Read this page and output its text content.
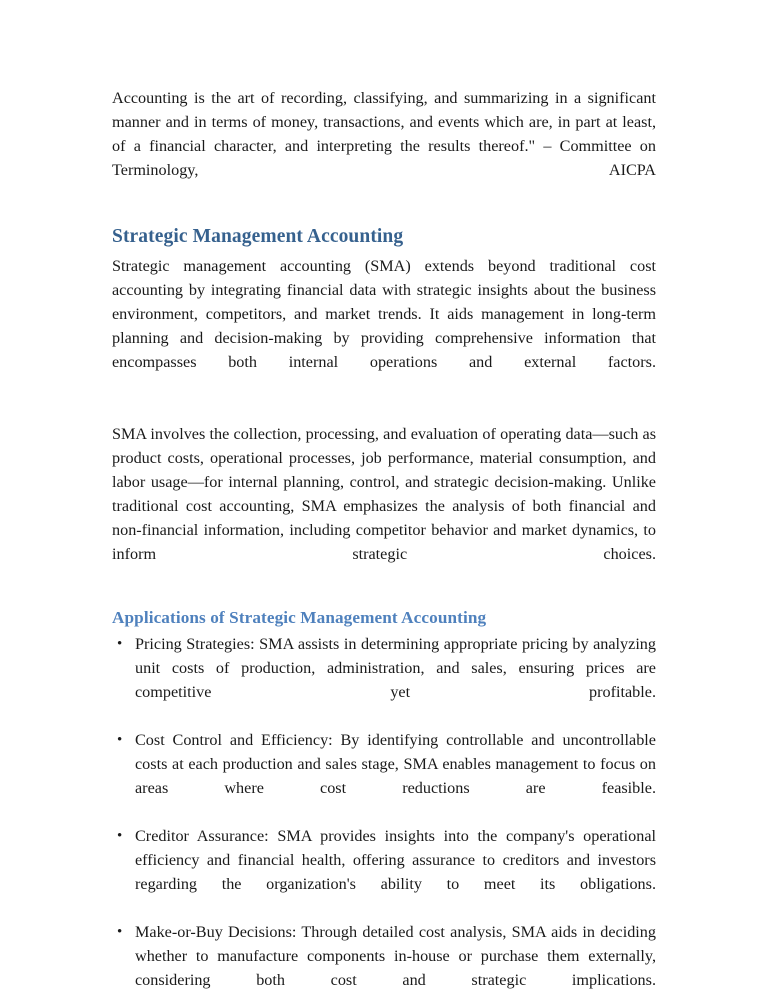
Accounting is the art of recording, classifying, and summarizing in a significant manner and in terms of money, transactions, and events which are, in part at least, of a financial character, and interpreting the results thereof." – Committee on Terminology, AICPA

Strategic Management Accounting

Strategic management accounting (SMA) extends beyond traditional cost accounting by integrating financial data with strategic insights about the business environment, competitors, and market trends. It aids management in long-term planning and decision-making by providing comprehensive information that encompasses both internal operations and external factors.

SMA involves the collection, processing, and evaluation of operating data—such as product costs, operational processes, job performance, material consumption, and labor usage—for internal planning, control, and strategic decision-making. Unlike traditional cost accounting, SMA emphasizes the analysis of both financial and non-financial information, including competitor behavior and market dynamics, to inform strategic choices.

Applications of Strategic Management Accounting
• Pricing Strategies: SMA assists in determining appropriate pricing by analyzing unit costs of production, administration, and sales, ensuring prices are competitive yet profitable.
• Cost Control and Efficiency: By identifying controllable and uncontrollable costs at each production and sales stage, SMA enables management to focus on areas where cost reductions are feasible.
• Creditor Assurance: SMA provides insights into the company's operational efficiency and financial health, offering assurance to creditors and investors regarding the organization's ability to meet its obligations.
• Make-or-Buy Decisions: Through detailed cost analysis, SMA aids in deciding whether to manufacture components in-house or purchase them externally, considering both cost and strategic implications.
